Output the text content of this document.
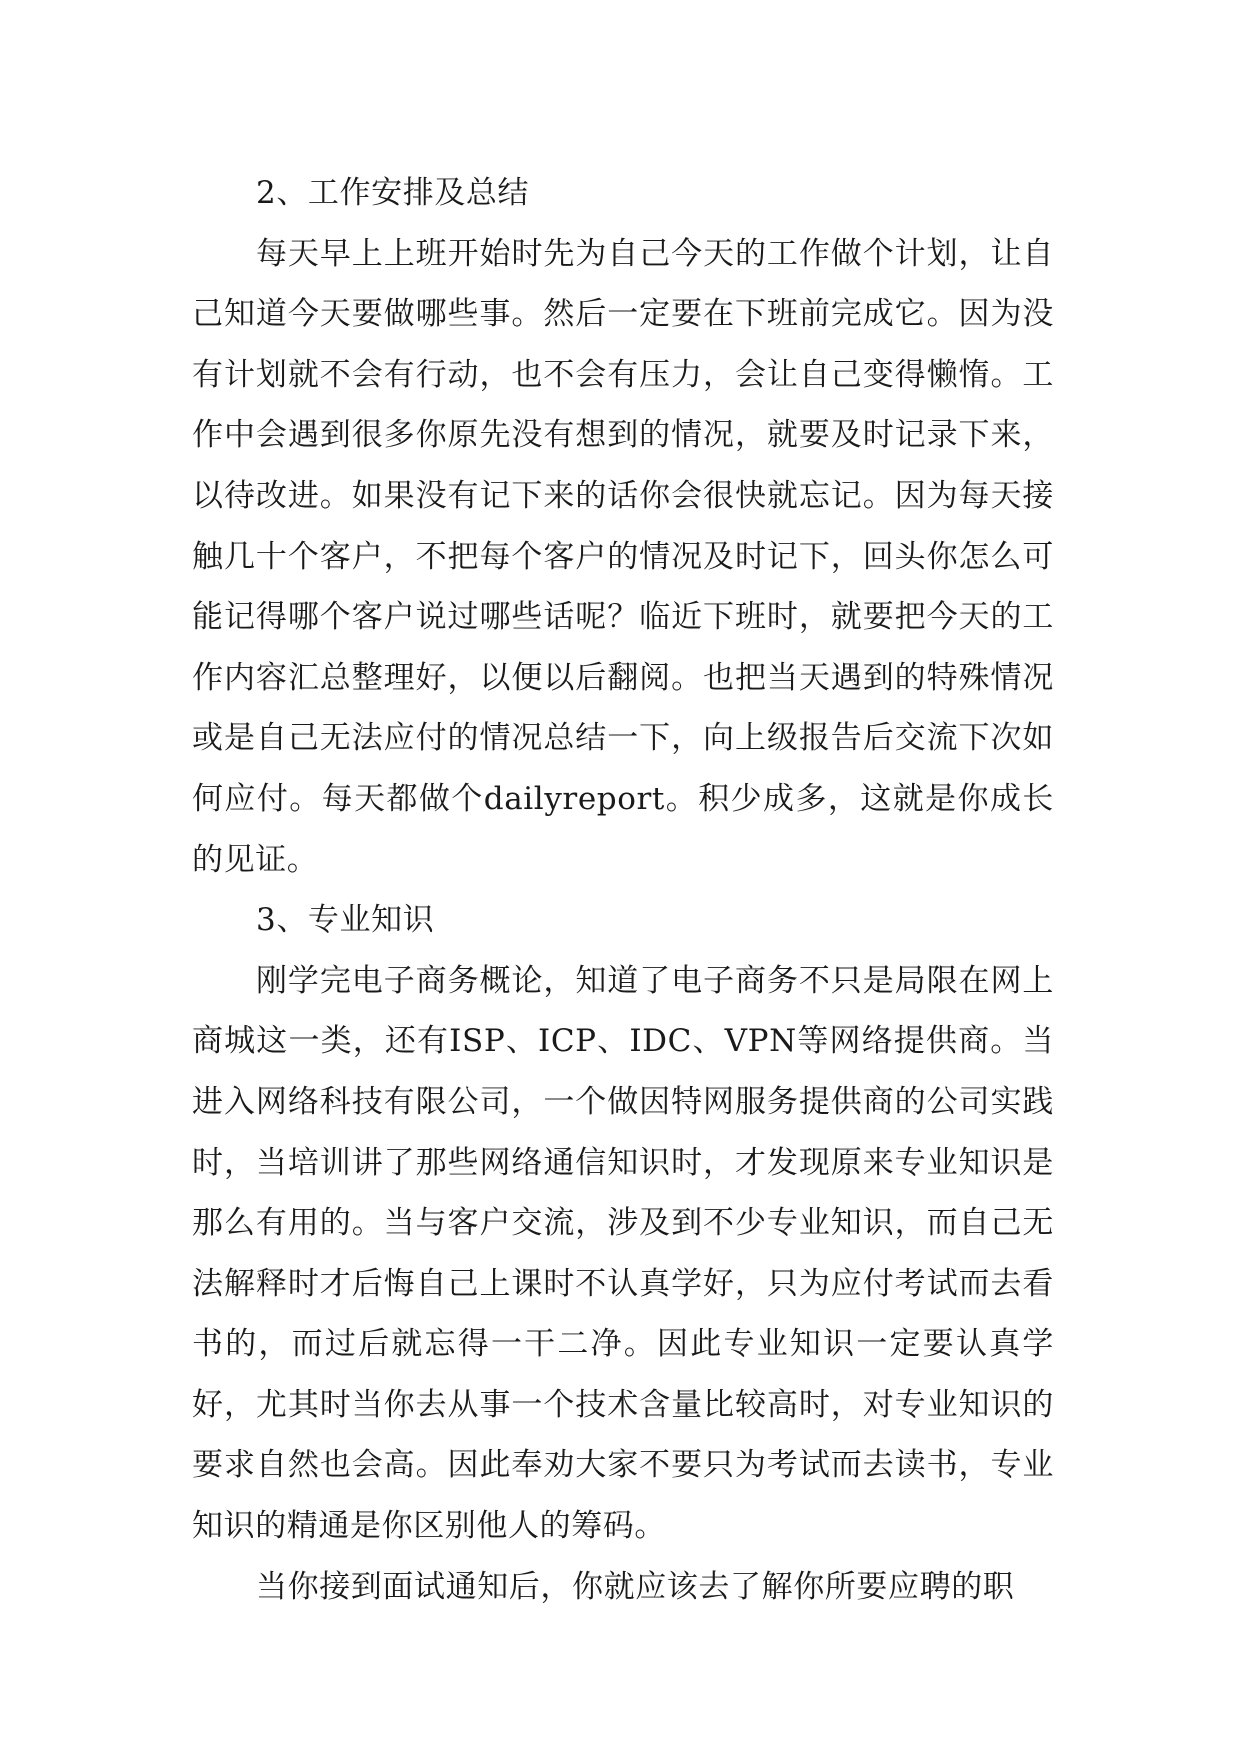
2、工作安排及总结

每天早上上班开始时先为自己今天的工作做个计划，让自己知道今天要做哪些事。然后一定要在下班前完成它。因为没有计划就不会有行动，也不会有压力，会让自己变得懒惰。工作中会遇到很多你原先没有想到的情况，就要及时记录下来，以待改进。如果没有记下来的话你会很快就忘记。因为每天接触几十个客户，不把每个客户的情况及时记下，回头你怎么可能记得哪个客户说过哪些话呢？临近下班时，就要把今天的工作内容汇总整理好，以便以后翻阅。也把当天遇到的特殊情况或是自己无法应付的情况总结一下，向上级报告后交流下次如何应付。每天都做个dailyreport。积少成多，这就是你成长的见证。

3、专业知识

刚学完电子商务概论，知道了电子商务不只是局限在网上商城这一类，还有ISP、ICP、IDC、VPN等网络提供商。当进入网络科技有限公司，一个做因特网服务提供商的公司实践时，当培训讲了那些网络通信知识时，才发现原来专业知识是那么有用的。当与客户交流，涉及到不少专业知识，而自己无法解释时才后悔自己上课时不认真学好，只为应付考试而去看书的，而过后就忘得一干二净。因此专业知识一定要认真学好，尤其时当你去从事一个技术含量比较高时，对专业知识的要求自然也会高。因此奉劝大家不要只为考试而去读书，专业知识的精通是你区别他人的筹码。

当你接到面试通知后，你就应该去了解你所要应聘的职
